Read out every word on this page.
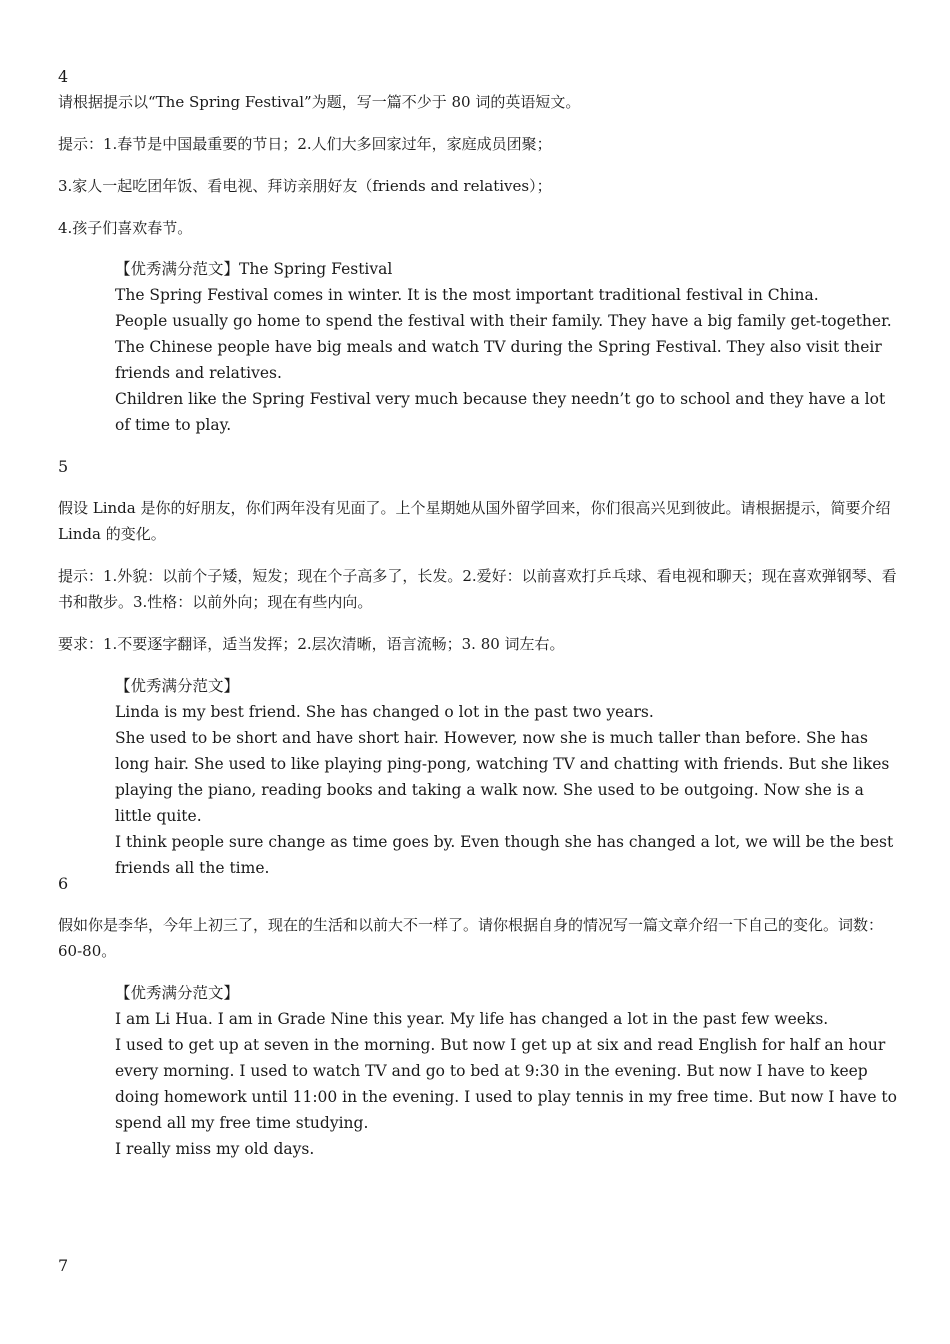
4
请根据提示以“The Spring Festival”为题，写一篇不少于 80 词的英语短文。
提示：1.春节是中国最重要的节日；2.人们大多回家过年，家庭成员团聚；
3.家人一起吃团年饭、看电视、拜访亲朋好友（friends and relatives）；
4.孩子们喜欢春节。

【优秀满分范文】The Spring Festival

The Spring Festival comes in winter. It is the most important traditional festival in China.

People usually go home to spend the festival with their family. They have a big family get-together. The Chinese people have big meals and watch TV during the Spring Festival. They also visit their friends and relatives.

Children like the Spring Festival very much because they needn’t go to school and they have a lot of time to play.

5
假设 Linda 是你的好朋友，你们两年没有见面了。上个星期她从国外留学回来，你们很高兴见到彼此。请根据提示，简要介绍 Linda 的变化。
提示：1.外貌：以前个子矮，短发；现在个子高多了，长发。2.爱好：以前喜欢打乒乓球、看电视和聊天；现在喜欢弹钢琴、看书和散步。3.性格：以前外向；现在有些内向。
要求：1.不要逐字翻译，适当发挥；2.层次清晰，语言流畅；3. 80 词左右。

【优秀满分范文】

Linda is my best friend. She has changed o lot in the past two years.

She used to be short and have short hair. However, now she is much taller than before. She has long hair. She used to like playing ping-pong, watching TV and chatting with friends. But she likes playing the piano, reading books and taking a walk now. She used to be outgoing. Now she is a little quite.

I think people sure change as time goes by. Even though she has changed a lot, we will be the best friends all the time.

6
假如你是李华，今年上初三了，现在的生活和以前大不一样了。请你根据自身的情况写一篇文章介绍一下自己的变化。词数：60-80。

【优秀满分范文】

I am Li Hua. I am in Grade Nine this year. My life has changed a lot in the past few weeks.

I used to get up at seven in the morning. But now I get up at six and read English for half an hour every morning. I used to watch TV and go to bed at 9:30 in the evening. But now I have to keep doing homework until 11:00 in the evening. I used to play tennis in my free time. But now I have to spend all my free time studying.

I really miss my old days.

7
